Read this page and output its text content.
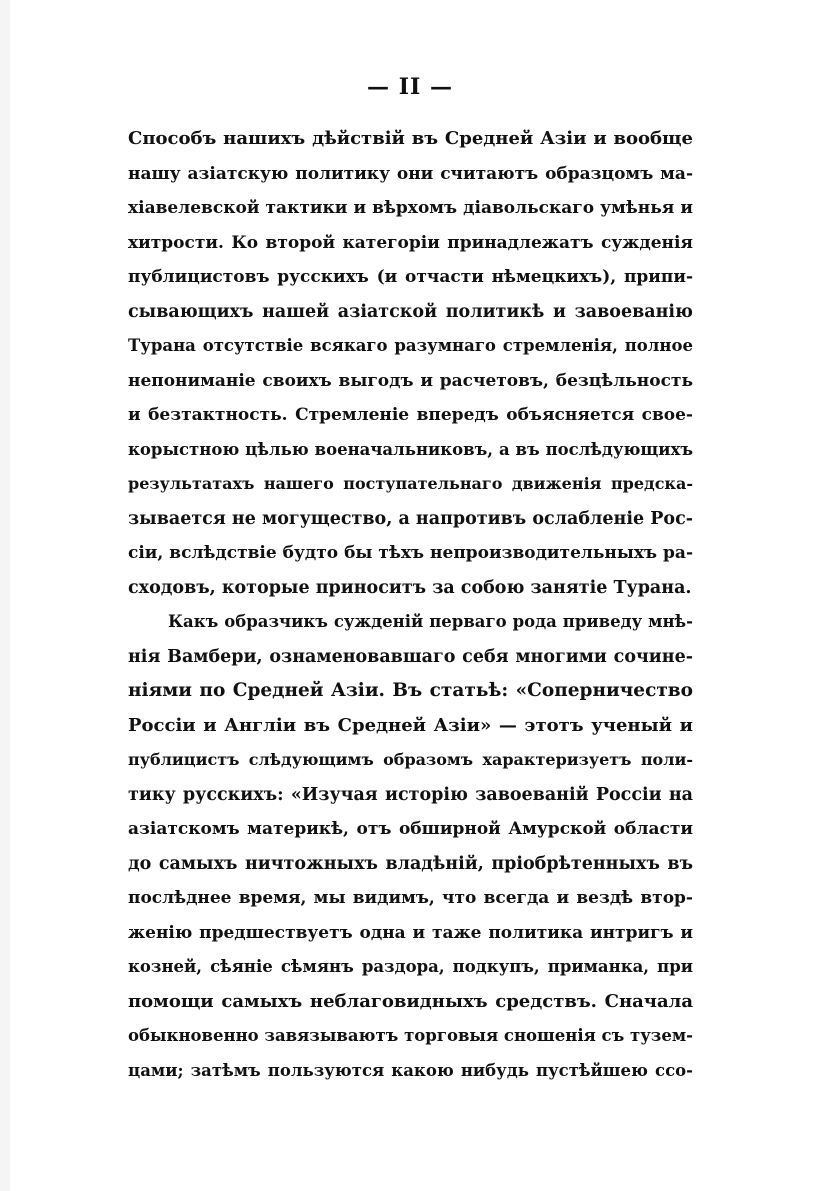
— II —
Способъ нашихъ дѣйствій въ Средней Азіи и вообще
нашу азіатскую политику они считаютъ образцомъ ма-
хіавелевской тактики и вѣрхомъ діавольскаго умѣнья и
хитрости. Ко второй категоріи принадлежатъ сужденія
публицистовъ русскихъ (и отчасти нѣмецкихъ), припи-
сывающихъ нашей азіатской политикѣ и завоеванію
Турана отсутствіе всякаго разумнаго стремленія, полное
непониманіе своихъ выгодъ и расчетовъ, безцѣльность
и безтактность. Стремленіе впередъ объясняется свое-
корыстною цѣлью военачальниковъ, а въ послѣдующихъ
результатахъ нашего поступательнаго движенія предска-
зывается не могущество, а напротивъ ослабленіе Рос-
сіи, вслѣдствіе будто бы тѣхъ непроизводительныхъ ра-
сходовъ, которые приноситъ за собою занятіе Турана.
Какъ образчикъ сужденій перваго рода приведу мнѣ-
нія Вамбери, ознаменовавшаго себя многими сочине-
ніями по Средней Азіи. Въ статьѣ: «Соперничество
Россіи и Англіи въ Средней Азіи» — этотъ ученый и
публицистъ слѣдующимъ образомъ характеризуетъ поли-
тику русскихъ: «Изучая исторію завоеваній Россіи на
азіатскомъ материкѣ, отъ обширной Амурской области
до самыхъ ничтожныхъ владѣній, пріобрѣтенныхъ въ
послѣднее время, мы видимъ, что всегда и вездѣ втор-
женію предшествуетъ одна и таже политика интригъ и
козней, сѣяніе сѣмянъ раздора, подкупъ, приманка, при
помощи самыхъ неблаговидныхъ средствъ. Сначала
обыкновенно завязываютъ торговыя сношенія съ тузем-
цами; затѣмъ пользуются какою нибудь пустѣйшею ссо-
